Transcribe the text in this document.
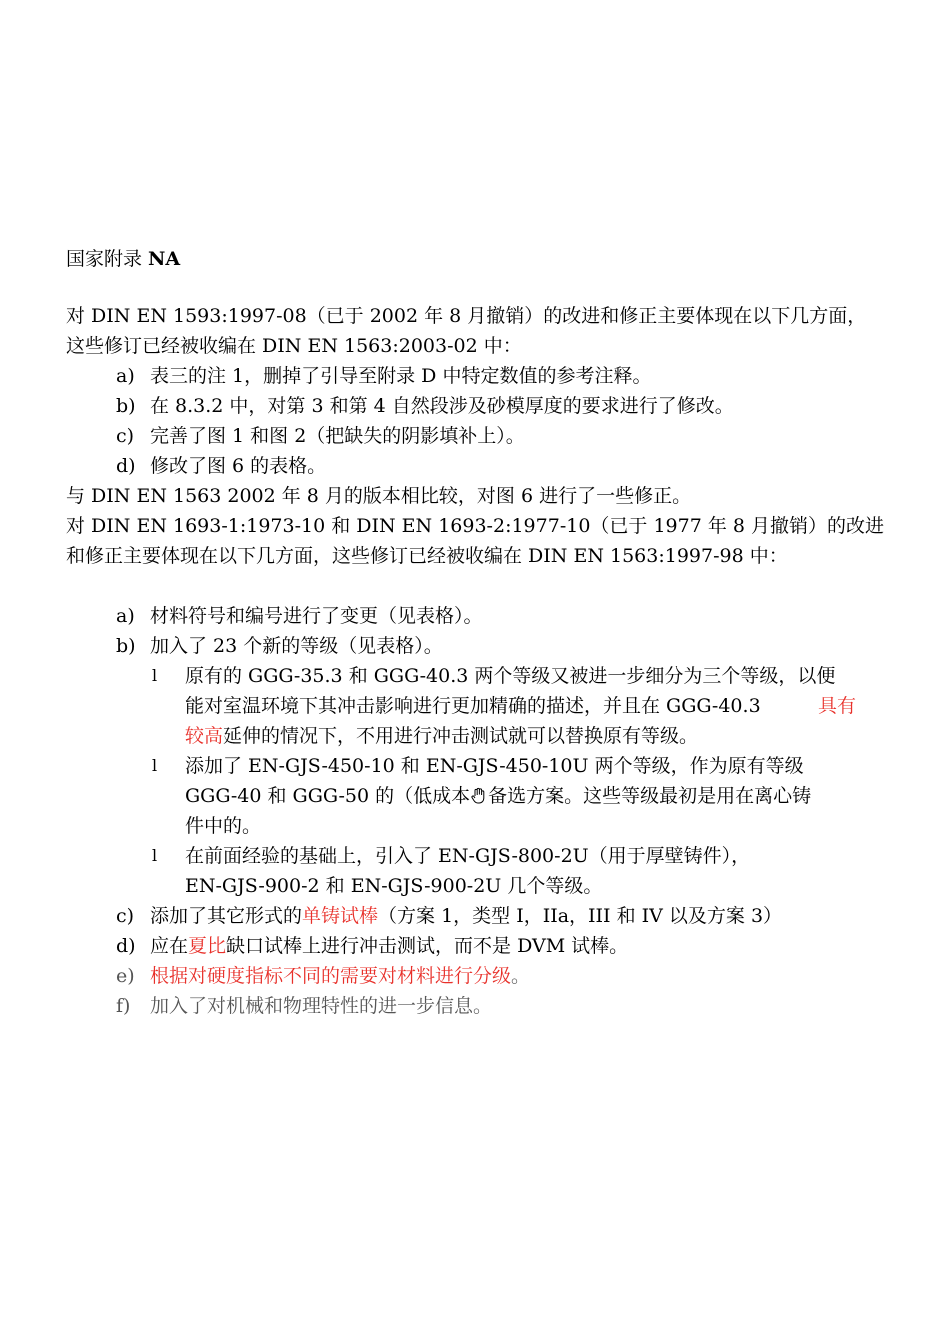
国家附录 NA
对 DIN EN 1593:1997-08（已于 2002 年 8 月撤销）的改进和修正主要体现在以下几方面，
这些修订已经被收编在 DIN EN 1563:2003-02 中：
a) 表三的注 1，删掉了引导至附录 D 中特定数值的参考注释。
b) 在 8.3.2 中，对第 3 和第 4 自然段涉及砂模厚度的要求进行了修改。
c) 完善了图 1 和图 2（把缺失的阴影填补上）。
d) 修改了图 6 的表格。
与 DIN EN 1563 2002 年 8 月的版本相比较，对图 6 进行了一些修正。
对 DIN EN 1693-1:1973-10 和 DIN EN 1693-2:1977-10（已于 1977 年 8 月撤销）的改进
和修正主要体现在以下几方面，这些修订已经被收编在 DIN EN 1563:1997-98 中：
a) 材料符号和编号进行了变更（见表格）。
b) 加入了 23 个新的等级（见表格）。
l 原有的 GGG-35.3 和 GGG-40.3 两个等级又被进一步细分为三个等级，以便
能对室温环境下其冲击影响进行更加精确的描述，并且在 GGG-40.3	具有
较高延伸的情况下，不用进行冲击测试就可以替换原有等级。
l 添加了 EN-GJS-450-10 和 EN-GJS-450-10U 两个等级，作为原有等级
GGG-40 和 GGG-50 的（低成本 备选方案。这些等级最初是用在离心铸
件中的。
l 在前面经验的基础上，引入了 EN-GJS-800-2U（用于厚壁铸件），
EN-GJS-900-2 和 EN-GJS-900-2U 几个等级。
c) 添加了其它形式的单铸试棒（方案 1，类型 I，IIa，III 和 IV 以及方案 3）
d) 应在夏比缺口试棒上进行冲击测试，而不是 DVM 试棒。
e) 根据对硬度指标不同的需要对材料进行分级。
f) 加入了对机械和物理特性的进一步信息。
